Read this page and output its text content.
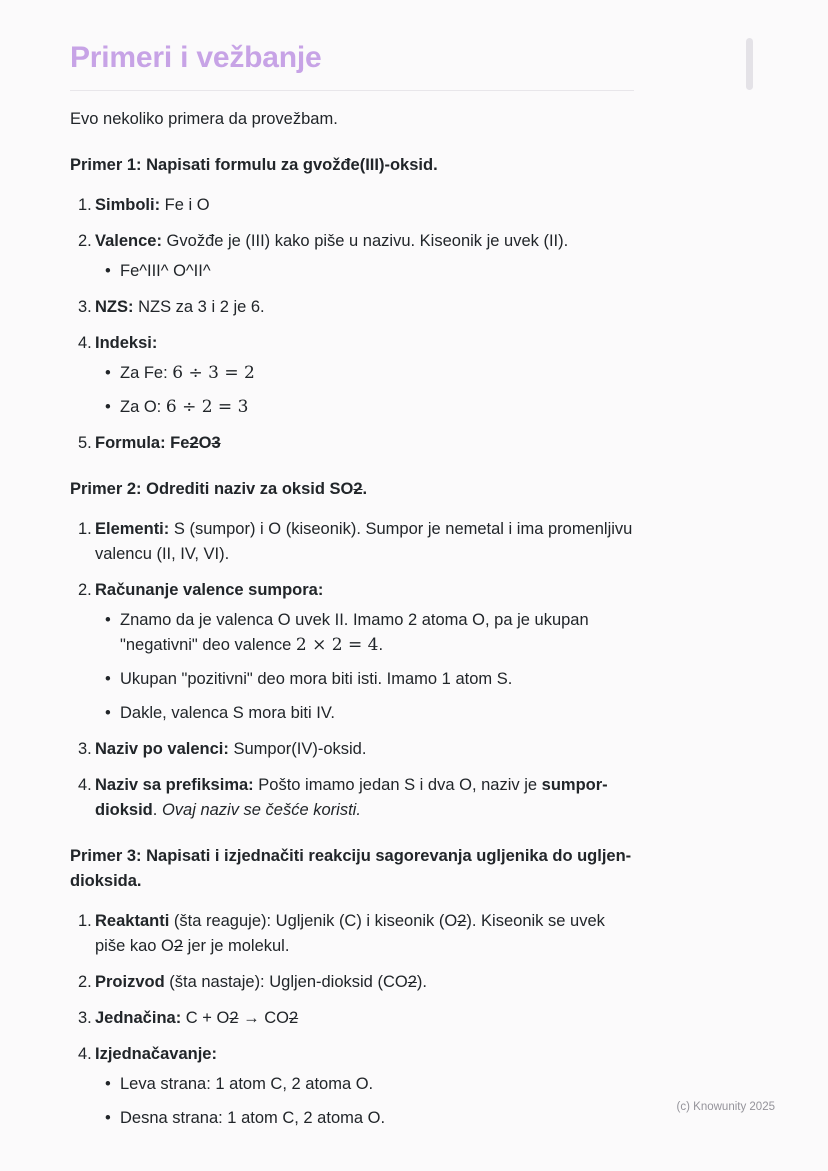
Primeri i vežbanje

Evo nekoliko primera da provežbam.

Primer 1: Napisati formulu za gvožđe(III)-oksid.
1. Simboli: Fe i O
2. Valence: Gvožđe je (III) kako piše u nazivu. Kiseonik je uvek (II).
• Fe^III^ O^II^
3. NZS: NZS za 3 i 2 je 6.
4. Indeksi:
• Za Fe: 6 ÷ 3 = 2
• Za O: 6 ÷ 2 = 3
5. Formula: Fe2O3
Primer 2: Odrediti naziv za oksid SO2.
1. Elementi: S (sumpor) i O (kiseonik). Sumpor je nemetal i ima promenljivu
valencu (II, IV, VI).
2. Računanje valence sumpora:
• Znamo da je valenca O uvek II. Imamo 2 atoma O, pa je ukupan
"negativni" deo valence 2 × 2 = 4.
• Ukupan "pozitivni" deo mora biti isti. Imamo 1 atom S.
• Dakle, valenca S mora biti IV.
3. Naziv po valenci: Sumpor(IV)-oksid.
4. Naziv sa prefiksima: Pošto imamo jedan S i dva O, naziv je sumpor-
dioksid. Ovaj naziv se češće koristi.
Primer 3: Napisati i izjednačiti reakciju sagorevanja ugljenika do ugljen-
dioksida.
1. Reaktanti (šta reaguje): Ugljenik (C) i kiseonik (O2). Kiseonik se uvek
piše kao O2 jer je molekul.
2. Proizvod (šta nastaje): Ugljen-dioksid (CO2).
3. Jednačina: C + O2 → CO2
4. Izjednačavanje:
• Leva strana: 1 atom C, 2 atoma O.
• Desna strana: 1 atom C, 2 atoma O.
(c) Knowunity 2025
